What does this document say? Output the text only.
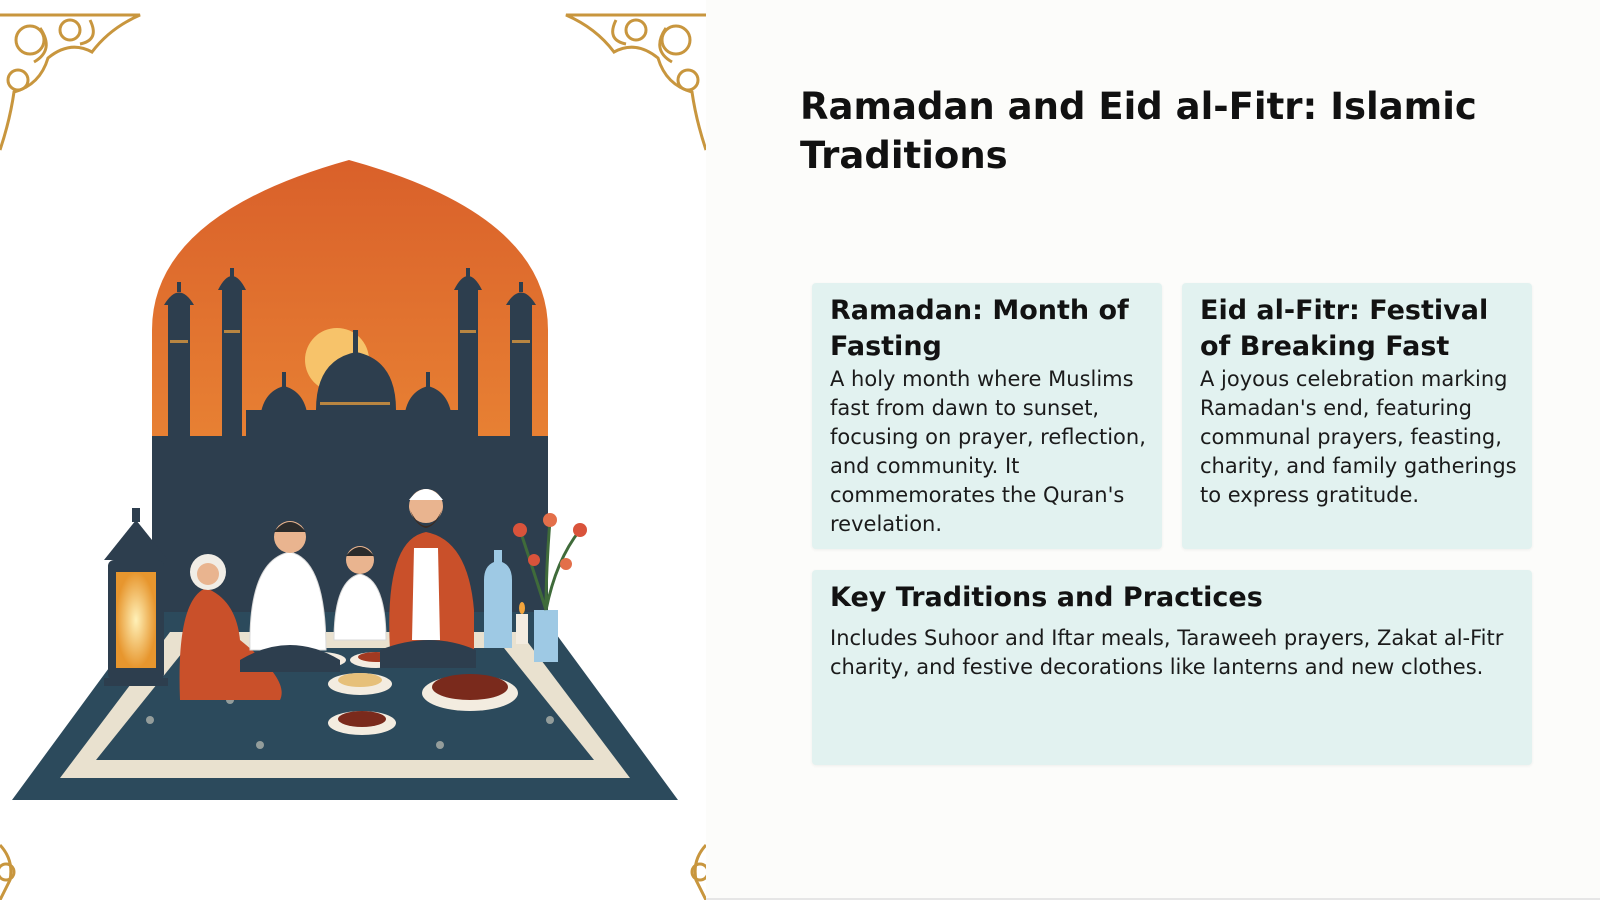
Ramadan and Eid al-Fitr: Islamic Traditions
Ramadan: Month of Fasting

A holy month where Muslims fast from dawn to sunset, focusing on prayer, reflection, and community. It commemorates the Quran's revelation.

Eid al-Fitr: Festival of Breaking Fast

A joyous celebration marking Ramadan's end, featuring communal prayers, feasting, charity, and family gatherings to express gratitude.

Key Traditions and Practices

Includes Suhoor and Iftar meals, Taraweeh prayers, Zakat al-Fitr charity, and festive decorations like lanterns and new clothes.
